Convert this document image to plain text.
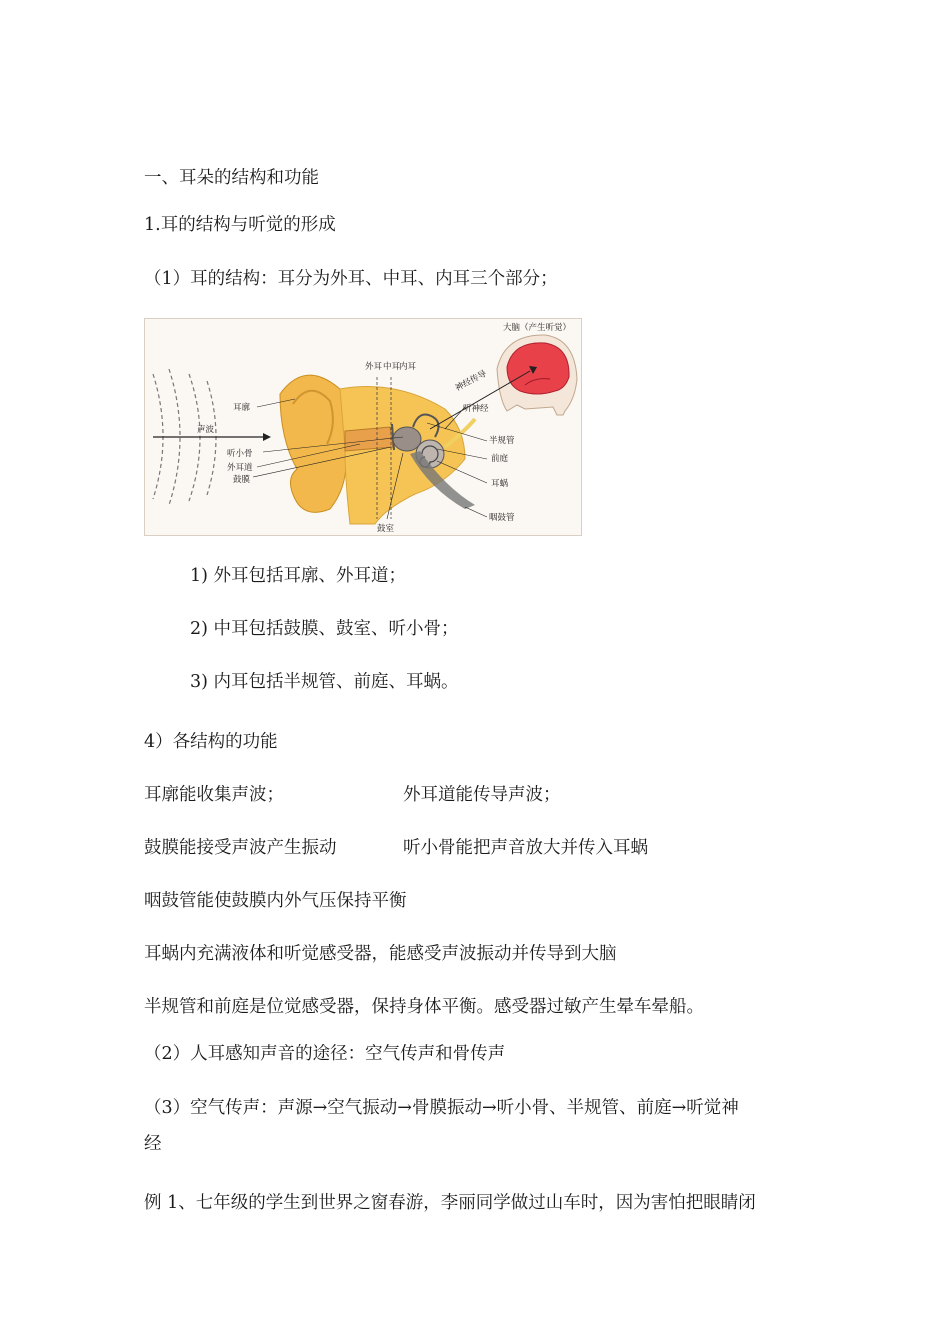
一、耳朵的结构和功能
1.耳的结构与听觉的形成
（1）耳的结构：耳分为外耳、中耳、内耳三个部分；
大脑（产生听觉）
外耳 中耳
内耳
神经传导
听神经
耳廓
声波
听小骨
外耳道
鼓膜
鼓室
半规管
前庭
耳蜗
咽鼓管
1) 外耳包括耳廓、外耳道；
2) 中耳包括鼓膜、鼓室、听小骨；
3) 内耳包括半规管、前庭、耳蜗。
4）各结构的功能
耳廓能收集声波；	外耳道能传导声波；
鼓膜能接受声波产生振动	听小骨能把声音放大并传入耳蜗
咽鼓管能使鼓膜内外气压保持平衡
耳蜗内充满液体和听觉感受器，能感受声波振动并传导到大脑
半规管和前庭是位觉感受器，保持身体平衡。感受器过敏产生晕车晕船。
（2）人耳感知声音的途径：空气传声和骨传声
（3）空气传声：声源→空气振动→骨膜振动→听小骨、半规管、前庭→听觉神
经
例 1、七年级的学生到世界之窗春游，李丽同学做过山车时，因为害怕把眼睛闭
